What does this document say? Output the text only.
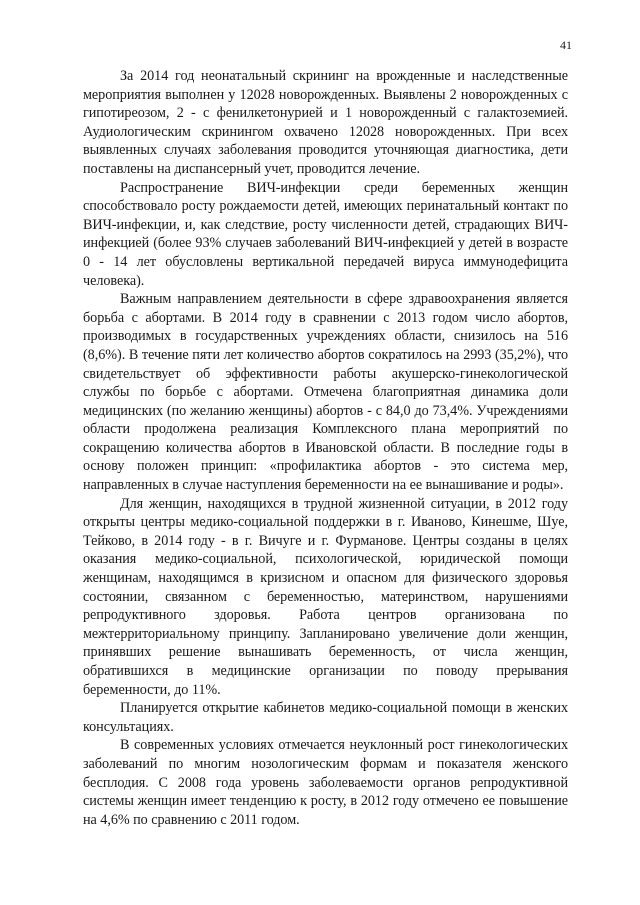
41

За 2014 год неонатальный скрининг на врожденные и наследственные мероприятия выполнен у 12028 новорожденных. Выявлены 2 новорожденных с гипотиреозом, 2 - с фенилкетонурией и 1 новорожденный с галактоземией. Аудиологическим скринингом охвачено 12028 новорожденных. При всех выявленных случаях заболевания проводится уточняющая диагностика, дети поставлены на диспансерный учет, проводится лечение.

Распространение ВИЧ-инфекции среди беременных женщин способствовало росту рождаемости детей, имеющих перинатальный контакт по ВИЧ-инфекции, и, как следствие, росту численности детей, страдающих ВИЧ-инфекцией (более 93% случаев заболеваний ВИЧ-инфекцией у детей в возрасте 0 - 14 лет обусловлены вертикальной передачей вируса иммунодефицита человека).

Важным направлением деятельности в сфере здравоохранения является борьба с абортами. В 2014 году в сравнении с 2013 годом число абортов, производимых в государственных учреждениях области, снизилось на 516 (8,6%). В течение пяти лет количество абортов сократилось на 2993 (35,2%), что свидетельствует об эффективности работы акушерско-гинекологической службы по борьбе с абортами. Отмечена благоприятная динамика доли медицинских (по желанию женщины) абортов - с 84,0 до 73,4%. Учреждениями области продолжена реализация Комплексного плана мероприятий по сокращению количества абортов в Ивановской области. В последние годы в основу положен принцип: «профилактика абортов - это система мер, направленных в случае наступления беременности на ее вынашивание и роды».

Для женщин, находящихся в трудной жизненной ситуации, в 2012 году открыты центры медико-социальной поддержки в г. Иваново, Кинешме, Шуе, Тейково, в 2014 году - в г. Вичуге и г. Фурманове. Центры созданы в целях оказания медико-социальной, психологической, юридической помощи женщинам, находящимся в кризисном и опасном для физического здоровья состоянии, связанном с беременностью, материнством, нарушениями репродуктивного здоровья. Работа центров организована по межтерриториальному принципу. Запланировано увеличение доли женщин, принявших решение вынашивать беременность, от числа женщин, обратившихся в медицинские организации по поводу прерывания беременности, до 11%.

Планируется открытие кабинетов медико-социальной помощи в женских консультациях.

В современных условиях отмечается неуклонный рост гинекологических заболеваний по многим нозологическим формам и показателя женского бесплодия. С 2008 года уровень заболеваемости органов репродуктивной системы женщин имеет тенденцию к росту, в 2012 году отмечено ее повышение на 4,6% по сравнению с 2011 годом.
